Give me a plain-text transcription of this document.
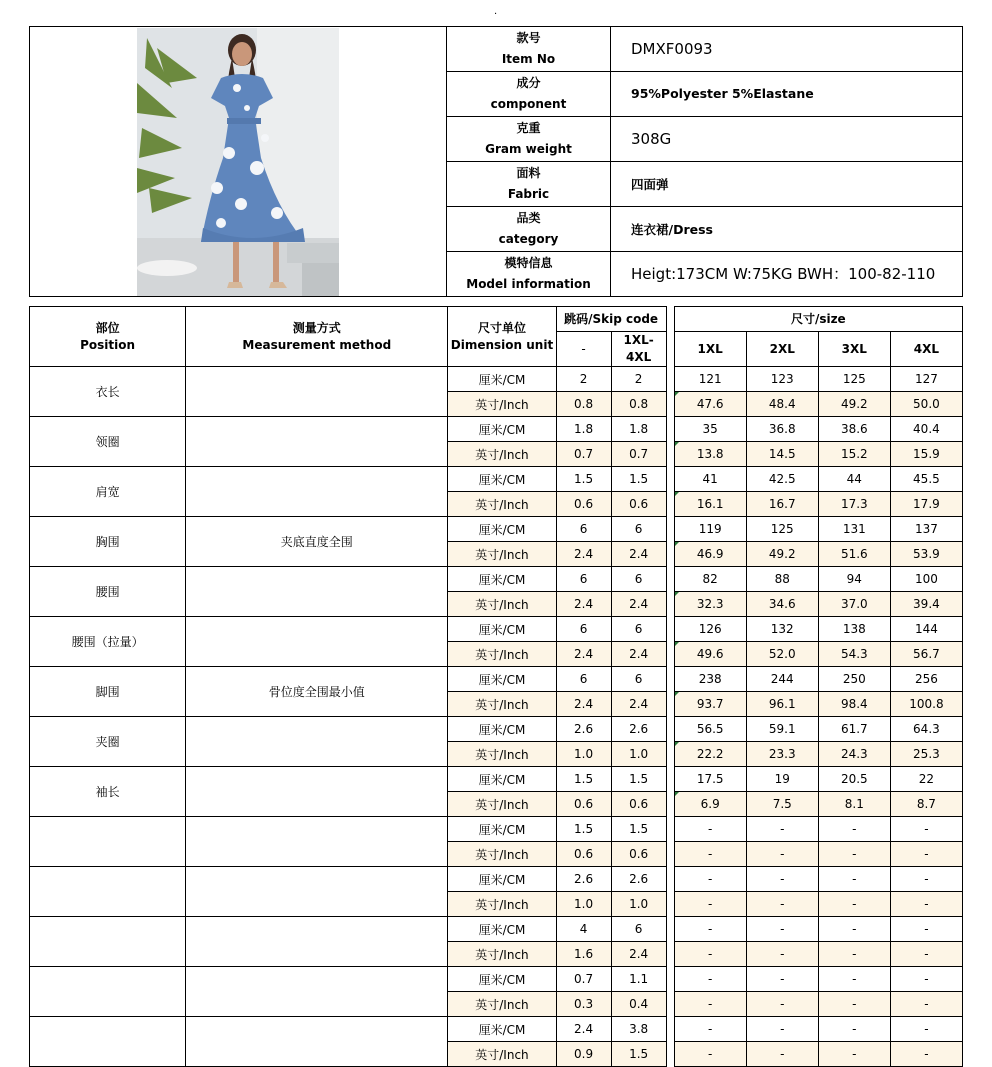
.

款号
Item No	DMXF0093

	成分
component	95%Polyester 5%Elastane

	克重
Gram weight	308G

	面料
Fabric	四面弹

	品类
category	连衣裙/Dress

	模特信息
Model information	Heigt:173CM W:75KG BWH：100-82-110
部位
Position	测量方式
Measurement method	尺寸单位
Dimension unit	跳码/Skip code			尺寸/size			
			-	1XL-4XL		1XL	2XL	3XL	4XL
衣长		厘米/CM	2	2		121	123	125	127
		英寸/Inch	0.8	0.8		47.6	48.4	49.2	50.0
领圈		厘米/CM	1.8	1.8		35	36.8	38.6	40.4
		英寸/Inch	0.7	0.7		13.8	14.5	15.2	15.9
肩宽		厘米/CM	1.5	1.5		41	42.5	44	45.5
		英寸/Inch	0.6	0.6		16.1	16.7	17.3	17.9
胸围	夹底直度全围	厘米/CM	6	6		119	125	131	137
		英寸/Inch	2.4	2.4		46.9	49.2	51.6	53.9
腰围		厘米/CM	6	6		82	88	94	100
		英寸/Inch	2.4	2.4		32.3	34.6	37.0	39.4
腰围（拉量）		厘米/CM	6	6		126	132	138	144
		英寸/Inch	2.4	2.4		49.6	52.0	54.3	56.7
脚围	骨位度全围最小值	厘米/CM	6	6		238	244	250	256
		英寸/Inch	2.4	2.4		93.7	96.1	98.4	100.8
夹圈		厘米/CM	2.6	2.6		56.5	59.1	61.7	64.3
		英寸/Inch	1.0	1.0		22.2	23.3	24.3	25.3
袖长		厘米/CM	1.5	1.5		17.5	19	20.5	22
		英寸/Inch	0.6	0.6		6.9	7.5	8.1	8.7
		厘米/CM	1.5	1.5		-	-	-	-
		英寸/Inch	0.6	0.6		-	-	-	-
		厘米/CM	2.6	2.6		-	-	-	-
		英寸/Inch	1.0	1.0		-	-	-	-
		厘米/CM	4	6		-	-	-	-
		英寸/Inch	1.6	2.4		-	-	-	-
		厘米/CM	0.7	1.1		-	-	-	-
		英寸/Inch	0.3	0.4		-	-	-	-
		厘米/CM	2.4	3.8		-	-	-	-
		英寸/Inch	0.9	1.5		-	-	-	-
